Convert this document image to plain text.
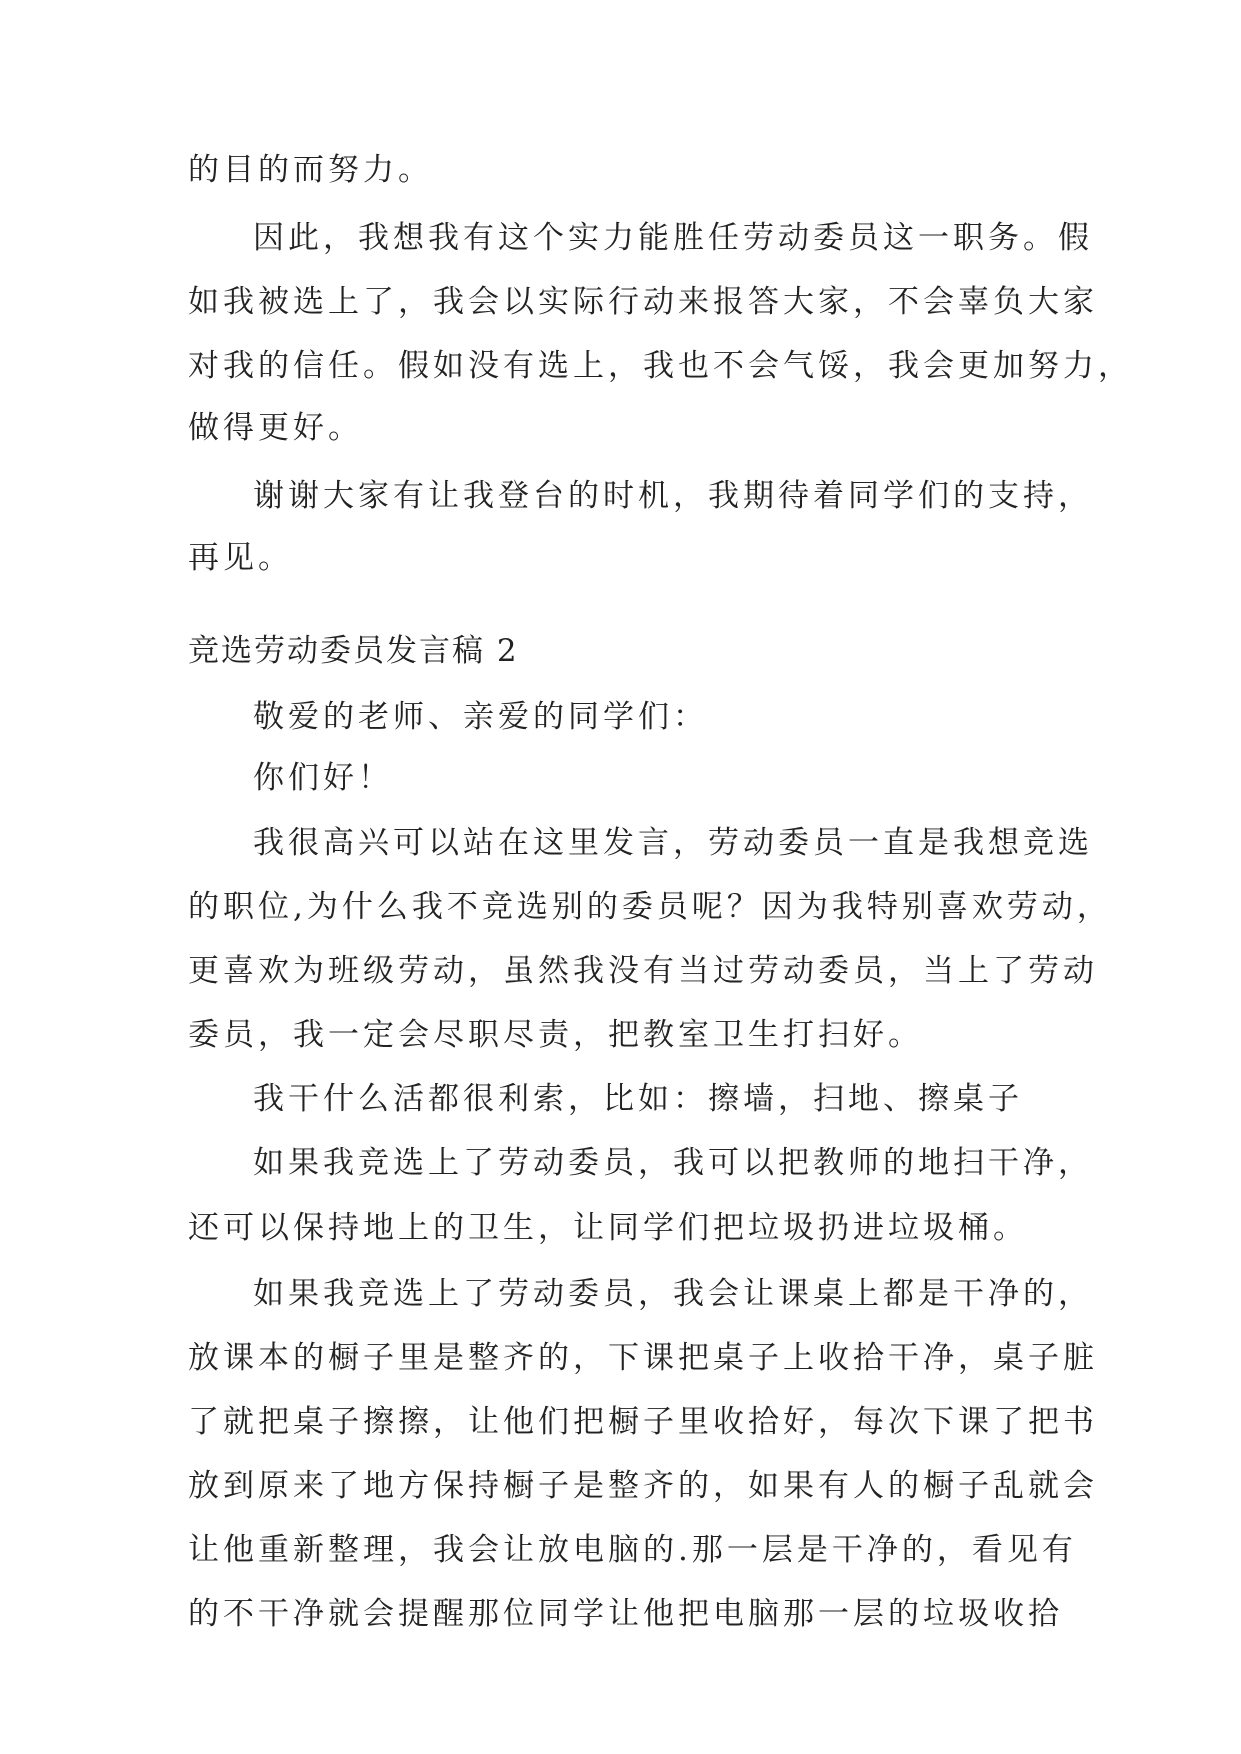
的目的而努力。
因此，我想我有这个实力能胜任劳动委员这一职务。假
如我被选上了，我会以实际行动来报答大家，不会辜负大家
对我的信任。假如没有选上，我也不会气馁，我会更加努力，
做得更好。
谢谢大家有让我登台的时机，我期待着同学们的支持，
再见。
竞选劳动委员发言稿 2
敬爱的老师、亲爱的同学们：
你们好！
我很高兴可以站在这里发言，劳动委员一直是我想竞选
的职位,为什么我不竞选别的委员呢？因为我特别喜欢劳动，
更喜欢为班级劳动，虽然我没有当过劳动委员，当上了劳动
委员，我一定会尽职尽责，把教室卫生打扫好。
我干什么活都很利索，比如：擦墙，扫地、擦桌子
如果我竞选上了劳动委员，我可以把教师的地扫干净，
还可以保持地上的卫生，让同学们把垃圾扔进垃圾桶。
如果我竞选上了劳动委员，我会让课桌上都是干净的，
放课本的橱子里是整齐的，下课把桌子上收拾干净，桌子脏
了就把桌子擦擦，让他们把橱子里收拾好，每次下课了把书
放到原来了地方保持橱子是整齐的，如果有人的橱子乱就会
让他重新整理，我会让放电脑的.那一层是干净的，看见有
的不干净就会提醒那位同学让他把电脑那一层的垃圾收拾
